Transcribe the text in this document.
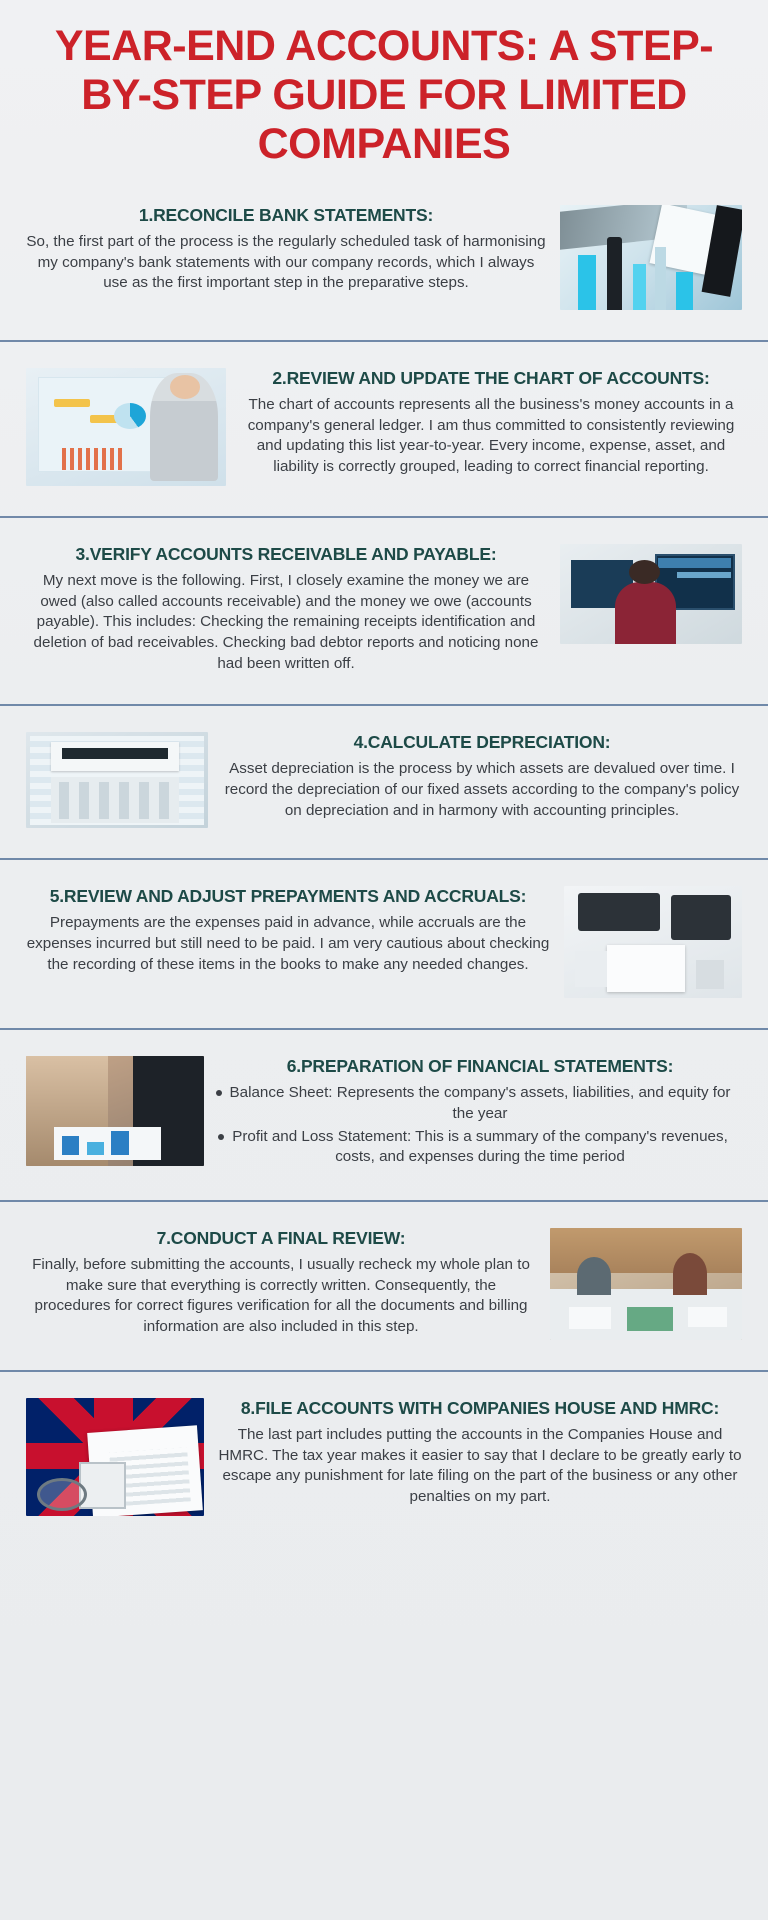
YEAR-END ACCOUNTS: A STEP-BY-STEP GUIDE FOR LIMITED COMPANIES
1.RECONCILE BANK STATEMENTS:
So, the first part of the process is the regularly scheduled task of harmonising my company's bank statements with our company records, which I always use as the first important step in the preparative steps.
2.REVIEW AND UPDATE THE CHART OF ACCOUNTS:
The chart of accounts represents all the business's money accounts in a company's general ledger. I am thus committed to consistently reviewing and updating this list year-to-year. Every income, expense, asset, and liability is correctly grouped, leading to correct financial reporting.
3.VERIFY ACCOUNTS RECEIVABLE AND PAYABLE:
My next move is the following. First, I closely examine the money we are owed (also called accounts receivable) and the money we owe (accounts payable). This includes: Checking the remaining receipts identification and deletion of bad receivables. Checking bad debtor reports and noticing none had been written off.
4.CALCULATE DEPRECIATION:
Asset depreciation is the process by which assets are devalued over time. I record the depreciation of our fixed assets according to the company's policy on depreciation and in harmony with accounting principles.
5.REVIEW AND ADJUST PREPAYMENTS AND ACCRUALS:
Prepayments are the expenses paid in advance, while accruals are the expenses incurred but still need to be paid. I am very cautious about checking the recording of these items in the books to make any needed changes.
6.PREPARATION OF FINANCIAL STATEMENTS:
Balance Sheet: Represents the company's assets, liabilities, and equity for the year
Profit and Loss Statement: This is a summary of the company's revenues, costs, and expenses during the time period
7.CONDUCT A FINAL REVIEW:
Finally, before submitting the accounts, I usually recheck my whole plan to make sure that everything is correctly written. Consequently, the procedures for correct figures verification for all the documents and billing information are also included in this step.
8.FILE ACCOUNTS WITH COMPANIES HOUSE AND HMRC:
The last part includes putting the accounts in the Companies House and HMRC. The tax year makes it easier to say that I declare to be greatly early to escape any punishment for late filing on the part of the business or any other penalties on my part.
